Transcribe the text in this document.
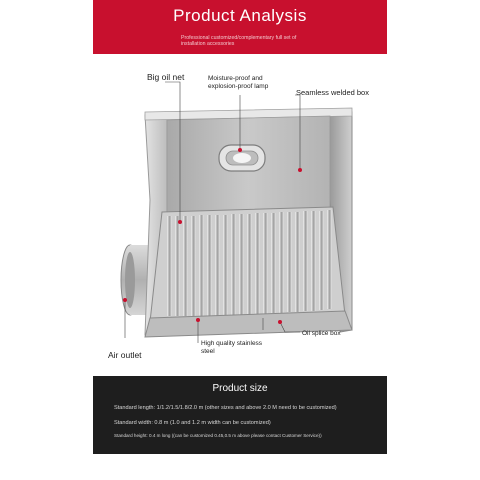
Product Analysis
Professional customized/complementary full set of installation accessories
Big oil net	Moisture-proof and explosion-proof lamp
Seamless welded box
Air outlet
High quality stainless steel
Oil splice box
Product size
Standard length: 1/1.2/1.5/1.8/2.0 m (other sizes and above 2.0 M need to be customized)
Standard width: 0.8 m (1.0 and 1.2 m width can be customized)
Standard height: 0.4 m long ((can be customized 0.45,0.5 m above please contact Customer Service))
